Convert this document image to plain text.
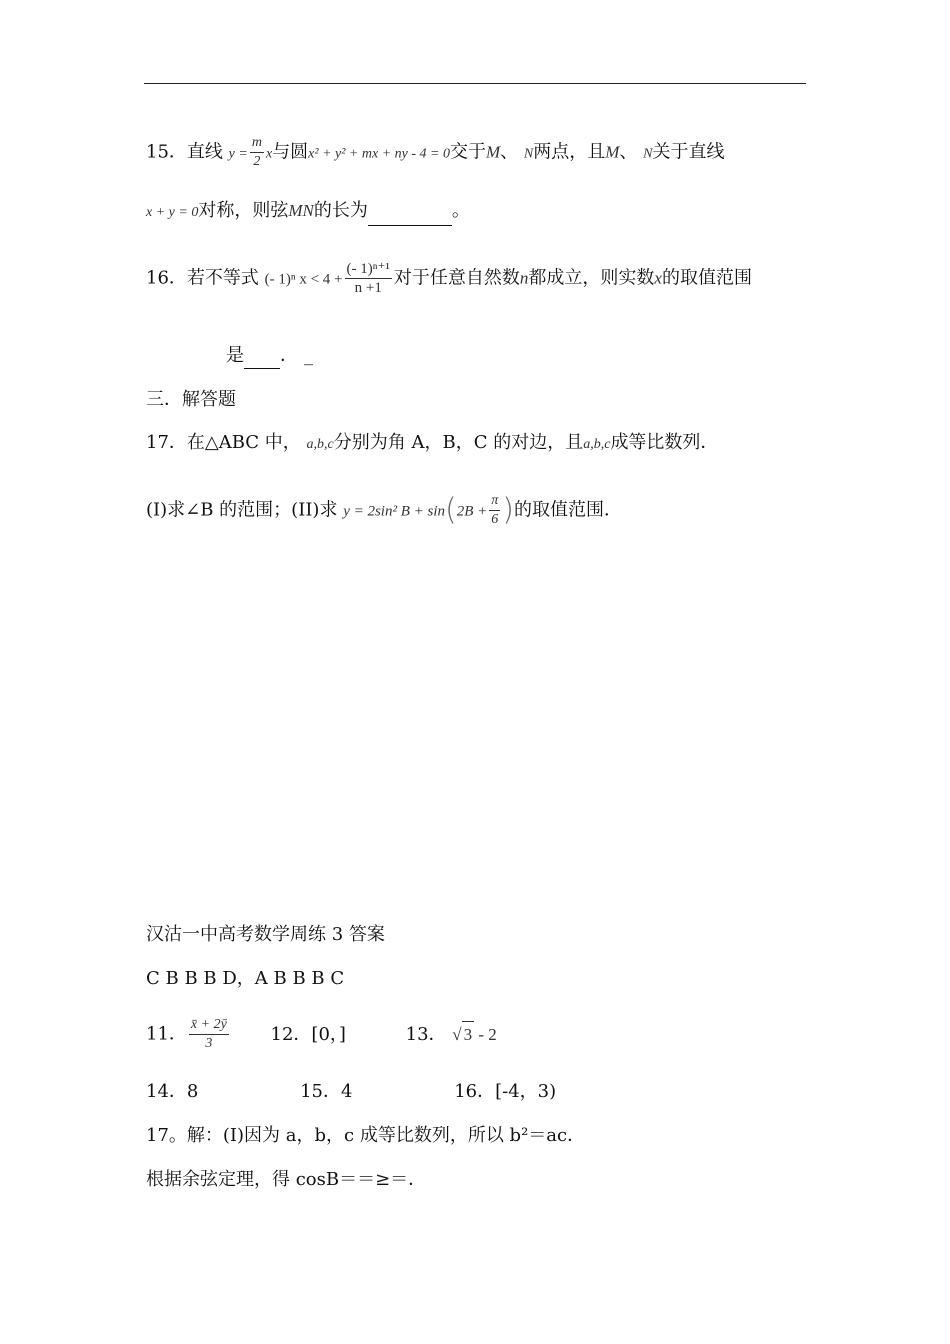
15．直线 $y = \frac{m}{2}$ x与圆x² + y² + mx + ny - 4 = 0交于M、 N两点，且M、 N关于直线
x + y = 0对称，则弦MN的长为	。
16．若不等式 (- 1)ⁿ $x < 4 + \frac{\text{(- 1)ⁿ⁺¹}}{n +1}$ 对于任意自然数n都成立，则实数x的取值范围
是 ． _
三．解答题
17．在△ABC 中， a,b,c分别为角 A，B，C 的对边，且a,b,c成等比数列．
(I)求∠B 的范围；(II)求 y = 2sin² $B + \sin(2B + \frac{\pi}{6}$ )的取值范围．
汉沽一中高考数学周练 3 答案
C B B B D，A B B B C
11． $\frac{x̄ + 2ȳ}{3} 12$．[0，]	13． √ 3 - 2
14．8	15．4	16．[-4，3)
17。解：(I)因为 a，b，c 成等比数列，所以 b²＝ac．
根据余弦定理，得 cosB＝＝≥＝．
